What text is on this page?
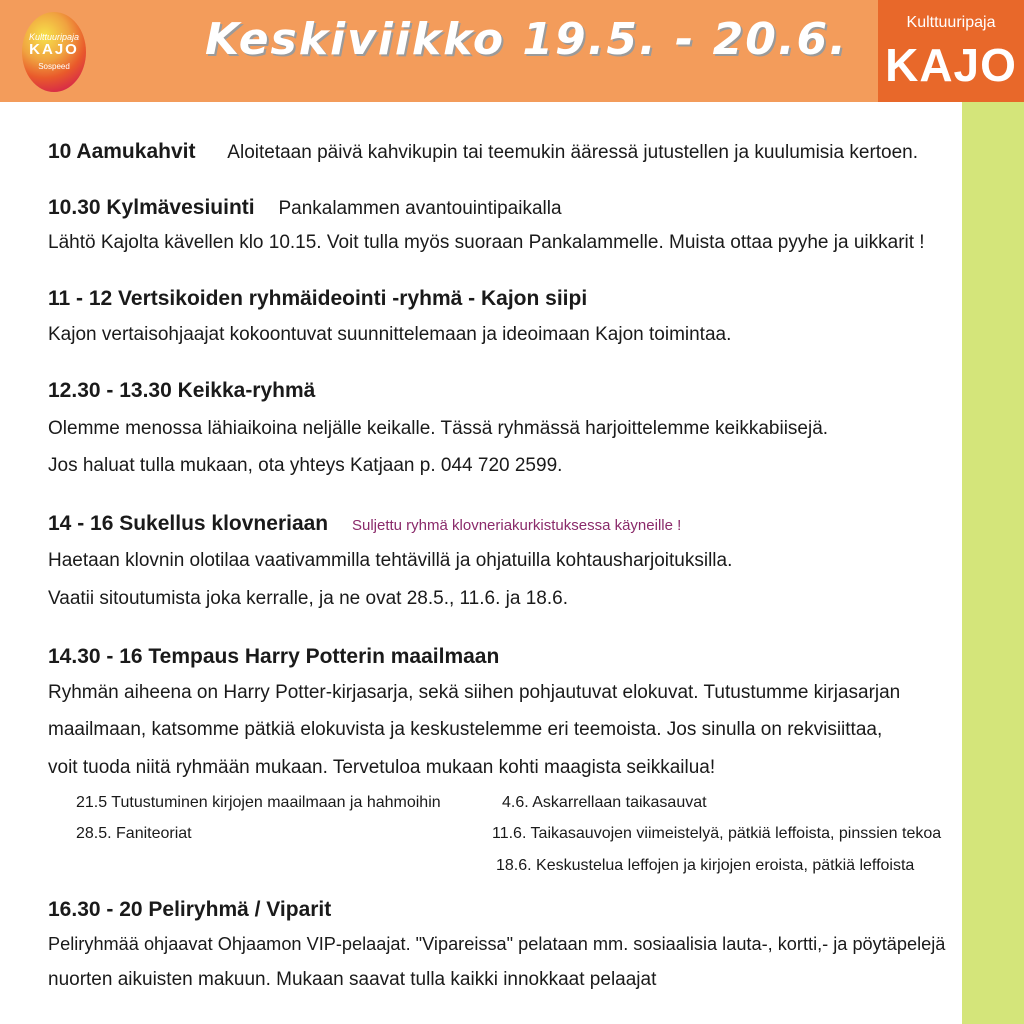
Kulttuuripaja
KAJO
Sospeed
Keskiviikko 19.5. - 20.6.	Kulttuuripaja
KAJO
10 Aamukahvit Aloitetaan päivä kahvikupin tai teemukin ääressä jutustellen ja kuulumisia kertoen.
10.30 Kylmävesiuinti Pankalammen avantouintipaikalla
Lähtö Kajolta kävellen klo 10.15. Voit tulla myös suoraan Pankalammelle. Muista ottaa pyyhe ja uikkarit !
11 - 12 Vertsikoiden ryhmäideointi -ryhmä - Kajon siipi
Kajon vertaisohjaajat kokoontuvat suunnittelemaan ja ideoimaan Kajon toimintaa.
12.30 - 13.30 Keikka-ryhmä
Olemme menossa lähiaikoina neljälle keikalle. Tässä ryhmässä harjoittelemme keikkabiisejä.
Jos haluat tulla mukaan, ota yhteys Katjaan p. 044 720 2599.
14 - 16 Sukellus klovneriaan Suljettu ryhmä klovneriakurkistuksessa käyneille !
Haetaan klovnin olotilaa vaativammilla tehtävillä ja ohjatuilla kohtausharjoituksilla.
Vaatii sitoutumista joka kerralle, ja ne ovat 28.5., 11.6. ja 18.6.
14.30 - 16 Tempaus Harry Potterin maailmaan
Ryhmän aiheena on Harry Potter-kirjasarja, sekä siihen pohjautuvat elokuvat. Tutustumme kirjasarjan
maailmaan, katsomme pätkiä elokuvista ja keskustelemme eri teemoista. Jos sinulla on rekvisiittaa,
voit tuoda niitä ryhmään mukaan. Tervetuloa mukaan kohti maagista seikkailua!
21.5 Tutustuminen kirjojen maailmaan ja hahmoihin
28.5. Faniteoriat
4.6. Askarrellaan taikasauvat
11.6. Taikasauvojen viimeistelyä, pätkiä leffoista, pinssien tekoa
18.6. Keskustelua leffojen ja kirjojen eroista, pätkiä leffoista
16.30 - 20 Peliryhmä / Viparit
Peliryhmää ohjaavat Ohjaamon VIP-pelaajat. "Vipareissa" pelataan mm. sosiaalisia lauta-, kortti,- ja pöytäpelejä
nuorten aikuisten makuun. Mukaan saavat tulla kaikki innokkaat pelaajat
